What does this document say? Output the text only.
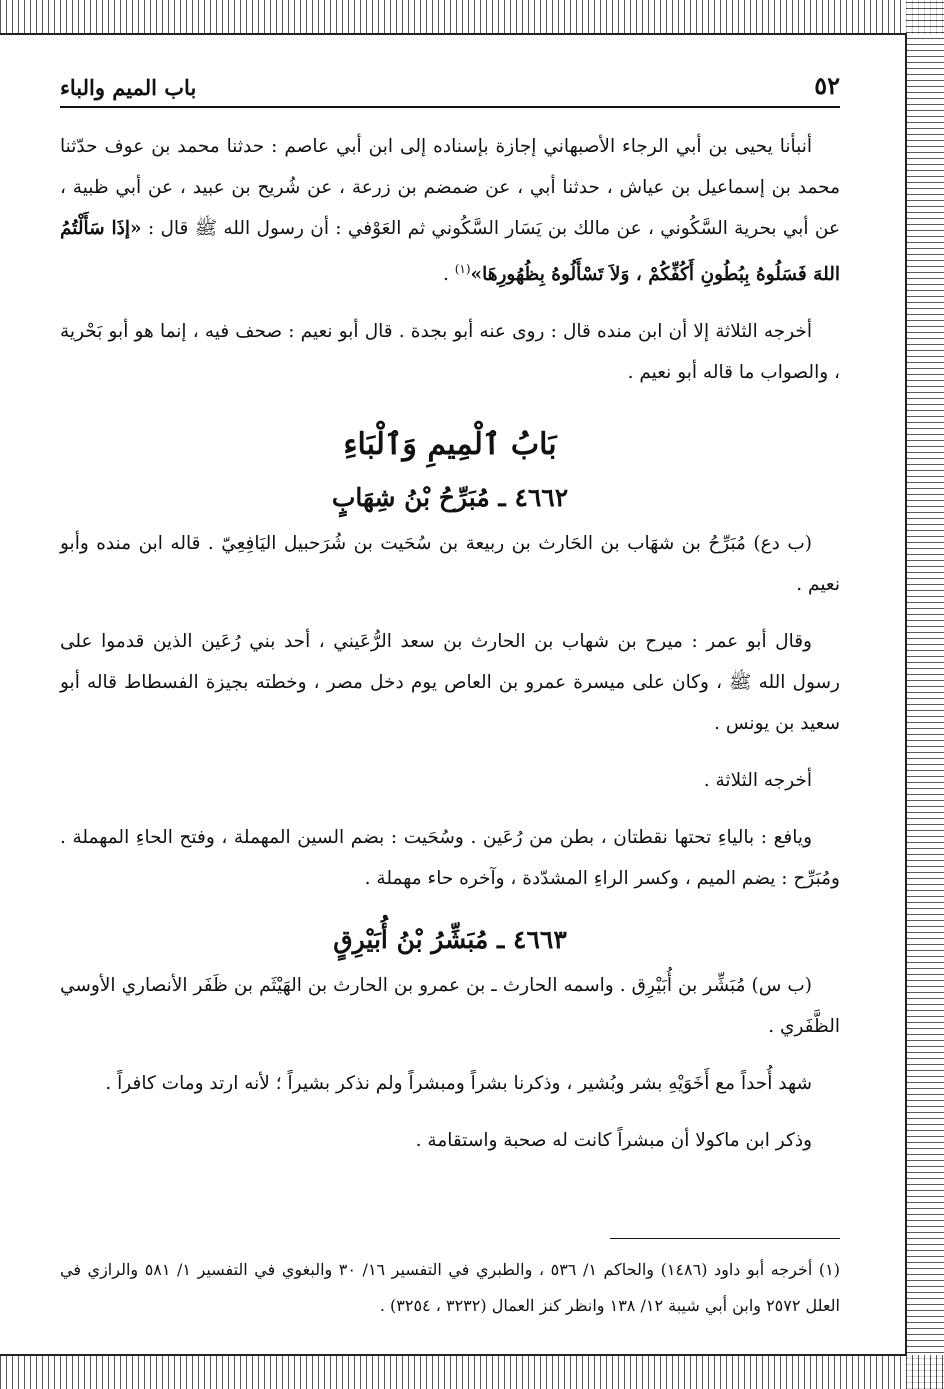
٥٢
باب الميم والباء

أنبأنا يحيى بن أبي الرجاء الأصبهاني إجازة بإسناده إلى ابن أبي عاصم : حدثنا محمد بن عوف حدّثنا محمد بن إسماعيل بن عياش ، حدثنا أبي ، عن ضمضم بن زرعة ، عن شُريح بن عبيد ، عن أبي ظبية ، عن أبي بحرية السَّكُوني ، عن مالك بن يَسَار السَّكُوني ثم العَوْفي : أن رسول الله ﷺ قال : «إذَا سَأَلْتُمُ اللهَ فَسَلُوهُ بِبُطُونِ أَكُفِّكُمْ ، وَلاَ تَسْأَلُوهُ بِظُهُورِهَا»$^{(١)}$ .

أخرجه الثلاثة إلا أن ابن منده قال : روى عنه أبو بجدة . قال أبو نعيم : صحف فيه ، إنما هو أبو بَحْرية ، والصواب ما قاله أبو نعيم .

بَابُ ٱلْمِيمِ وَٱلْبَاءِ
٤٦٦٢ ـ مُبَرِّحُ بْنُ شِهَابٍ

(ب دع) مُبَرِّحُ بن شهَاب بن الحَارث بن ربيعة بن سُحَيت بن شُرَحبيل اليَافِعِيّ . قاله ابن منده وأبو نعيم .

وقال أبو عمر : ميرح بن شهاب بن الحارث بن سعد الرُّعَيني ، أحد بني رُعَين الذين قدموا على رسول الله ﷺ ، وكان على ميسرة عمرو بن العاص يوم دخل مصر ، وخطته بجيزة الفسطاط قاله أبو سعيد بن يونس .

أخرجه الثلاثة .

ويافع : بالياءِ تحتها نقطتان ، بطن من رُعَين . وسُحَيت : بضم السين المهملة ، وفتح الحاءِ المهملة . ومُبَرِّح : يضم الميم ، وكسر الراءِ المشدّدة ، وآخره حاء مهملة .

٤٦٦٣ ـ مُبَشِّرُ بْنُ أُبَيْرِقٍ

(ب س) مُبَشِّر بن أُبَيْرِق . واسمه الحارث ـ بن عمرو بن الحارث بن الهَيْثَم بن ظَفَر الأنصاري الأوسي الظَّفَري .

شهد أُحداً مع أَخَوَيْهِ بشر وبُشير ، وذكرنا بشراً ومبشراً ولم نذكر بشيراً ؛ لأنه ارتد ومات كافراً .

وذكر ابن ماكولا أن مبشراً كانت له صحبة واستقامة .

(١) أخرجه أبو داود (١٤٨٦) والحاكم ١/ ٥٣٦ ، والطبري في التفسير ١٦/ ٣٠ والبغوي في التفسير ١/ ٥٨١ والرازي في العلل ٢٥٧٢ وابن أبي شيبة ١٢/ ١٣٨ وانظر كنز العمال (٣٢٣٢ ، ٣٢٥٤) .
